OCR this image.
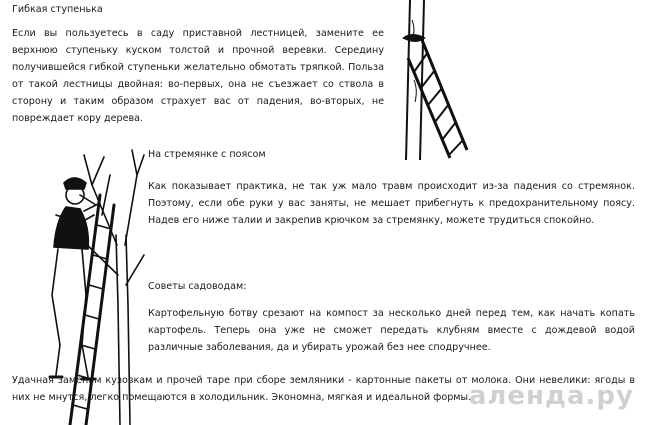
Гибкая ступенька

Если вы пользуетесь в саду приставной лестницей, замените ее верхнюю ступеньку куском толстой и прочной веревки. Середину получившейся гибкой ступеньки желательно обмотать тряпкой. Польза от такой лестницы двойная: во-первых, она не съезжает со ствола в сторону и таким образом страхует вас от падения, во-вторых, не повреждает кору дерева.

На стремянке с поясом

Как показывает практика, не так уж мало травм происходит из-за падения со стремянок. Поэтому, если обе руки у вас заняты, не мешает прибегнуть к предохранительному поясу. Надев его ниже талии и закрепив крючком за стремянку, можете трудиться спокойно.

Советы садоводам:

Картофельную ботву срезают на компост за несколько дней перед тем, как начать копать картофель. Теперь она уже не сможет передать клубням вместе с дождевой водой различные заболевания, да и убирать урожай без нее сподручнее.

Удачная заменам кузовкам и прочей таре при сборе земляники - картонные пакеты от молока. Они невелики: ягоды в них не мнутся, легко помещаются в холодильник. Экономна, мягкая и идеальной формы.

аленда.ру
